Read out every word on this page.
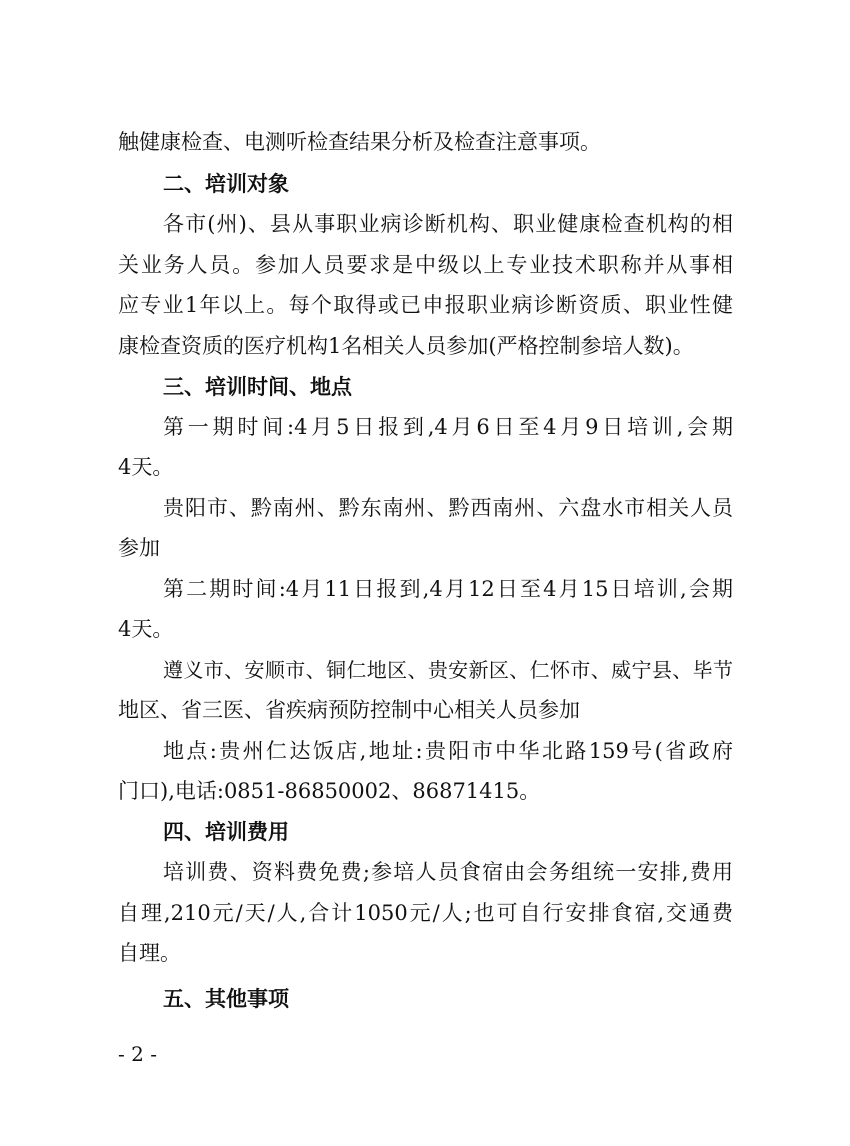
触健康检查、电测听检查结果分析及检查注意事项。
二、培训对象
各市(州)、县从事职业病诊断机构、职业健康检查机构的相
关业务人员。参加人员要求是中级以上专业技术职称并从事相
应专业1年以上。每个取得或已申报职业病诊断资质、职业性健
康检查资质的医疗机构1名相关人员参加(严格控制参培人数)。
三、培训时间、地点
第一期时间:4月5日报到,4月6日至4月9日培训,会期
4天。
贵阳市、黔南州、黔东南州、黔西南州、六盘水市相关人员
参加
第二期时间:4月11日报到,4月12日至4月15日培训,会期
4天。
遵义市、安顺市、铜仁地区、贵安新区、仁怀市、威宁县、毕节
地区、省三医、省疾病预防控制中心相关人员参加
地点:贵州仁达饭店,地址:贵阳市中华北路159号(省政府
门口),电话:0851-86850002、86871415。
四、培训费用
培训费、资料费免费;参培人员食宿由会务组统一安排,费用
自理,210元/天/人,合计1050元/人;也可自行安排食宿,交通费
自理。
五、其他事项
- 2 -
